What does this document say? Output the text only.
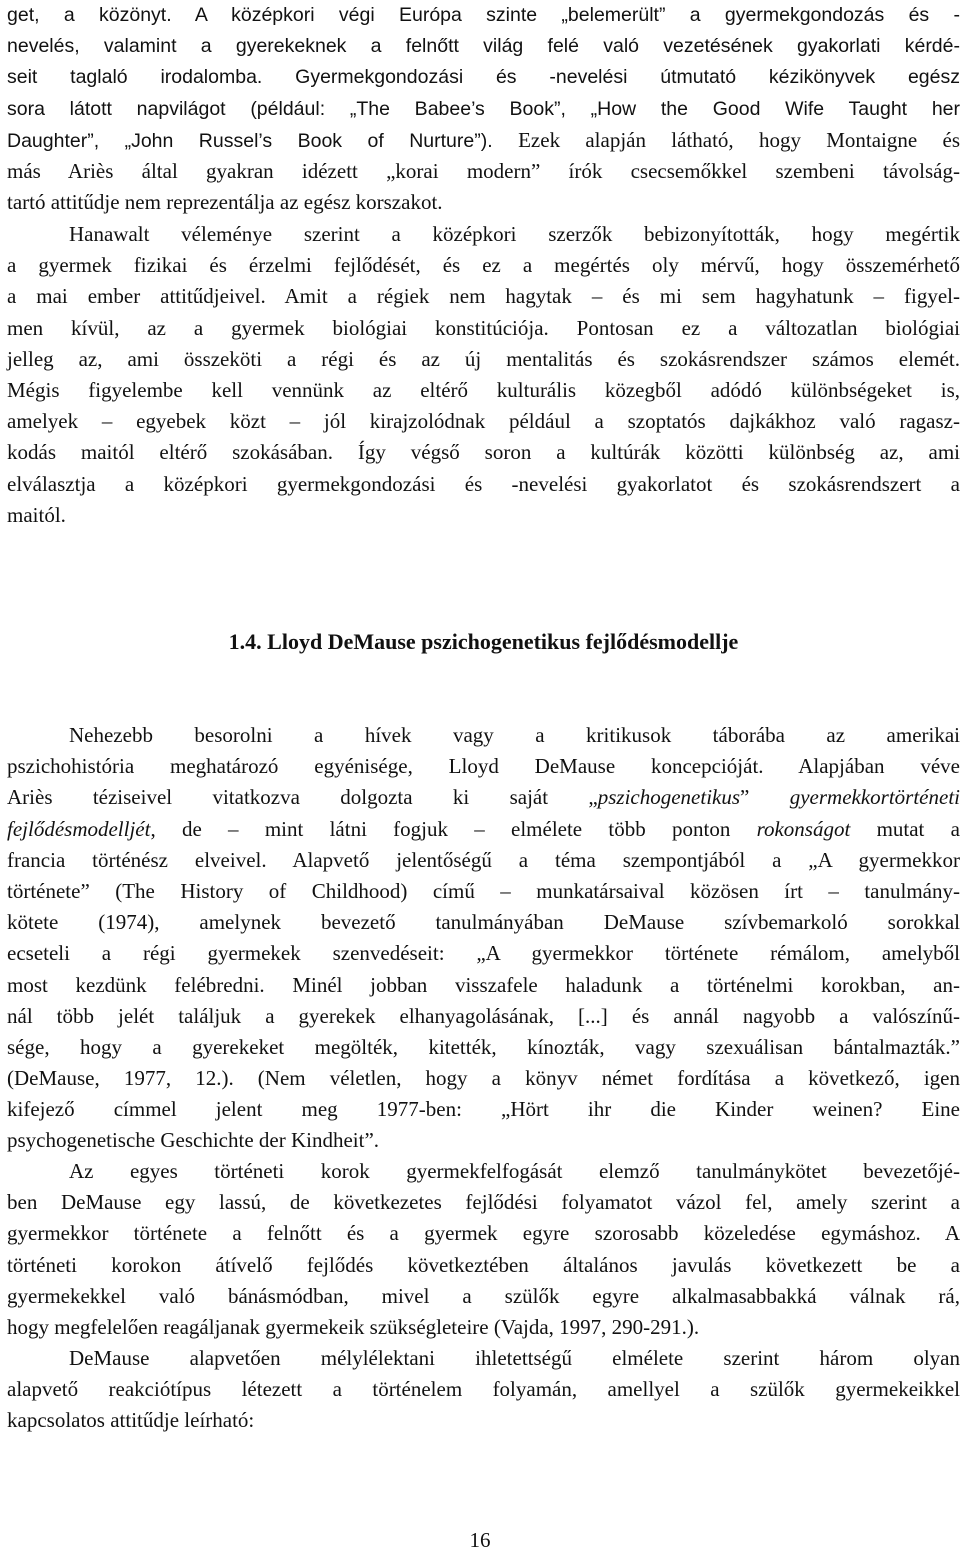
get, a közönyt. A középkori végi Európa szinte „belemerült” a gyermekgondozás és -
nevelés, valamint a gyerekeknek a felnőtt világ felé való vezetésének gyakorlati kérdé-
seit taglaló irodalomba. Gyermekgondozási és -nevelési útmutató kézikönyvek egész
sora látott napvilágot (például: „The Babee’s Book”, „How the Good Wife Taught her
Daughter”, „John Russel’s Book of Nurture”). Ezek alapján látható, hogy Montaigne és
más Ariès által gyakran idézett „korai modern” írók csecsemőkkel szembeni távolság-
tartó attitűdje nem reprezentálja az egész korszakot.
Hanawalt véleménye szerint a középkori szerzők bebizonyították, hogy megértik
a gyermek fizikai és érzelmi fejlődését, és ez a megértés oly mérvű, hogy összemérhető
a mai ember attitűdjeivel. Amit a régiek nem hagytak – és mi sem hagyhatunk – figyel-
men kívül, az a gyermek biológiai konstitúciója. Pontosan ez a változatlan biológiai
jelleg az, ami összeköti a régi és az új mentalitás és szokásrendszer számos elemét.
Mégis figyelembe kell vennünk az eltérő kulturális közegből adódó különbségeket is,
amelyek – egyebek közt – jól kirajzolódnak például a szoptatós dajkákhoz való ragasz-
kodás maitól eltérő szokásában. Így végső soron a kultúrák közötti különbség az, ami
elválasztja a középkori gyermekgondozási és -nevelési gyakorlatot és szokásrendszert a
maitól.
1.4. Lloyd DeMause pszichogenetikus fejlődésmodellje
Nehezebb besorolni a hívek vagy a kritikusok táborába az amerikai
pszichohistória meghatározó egyénisége, Lloyd DeMause koncepcióját. Alapjában véve
Ariès téziseivel vitatkozva dolgozta ki saját „pszichogenetikus” gyermekkortörténeti
fejlődésmodelljét, de – mint látni fogjuk – elmélete több ponton rokonságot mutat a
francia történész elveivel. Alapvető jelentőségű a téma szempontjából a „A gyermekkor
története” (The History of Childhood) című – munkatársaival közösen írt – tanulmány-
kötete (1974), amelynek bevezető tanulmányában DeMause szívbemarkoló sorokkal
ecseteli a régi gyermekek szenvedéseit: „A gyermekkor története rémálom, amelyből
most kezdünk felébredni. Minél jobban visszafele haladunk a történelmi korokban, an-
nál több jelét találjuk a gyerekek elhanyagolásának, [...] és annál nagyobb a valószínű-
sége, hogy a gyerekeket megölték, kitették, kínozták, vagy szexuálisan bántalmazták.”
(DeMause, 1977, 12.). (Nem véletlen, hogy a könyv német fordítása a következő, igen
kifejező címmel jelent meg 1977-ben: „Hört ihr die Kinder weinen? Eine
psychogenetische Geschichte der Kindheit”.
Az egyes történeti korok gyermekfelfogását elemző tanulmánykötet bevezetőjé-
ben DeMause egy lassú, de következetes fejlődési folyamatot vázol fel, amely szerint a
gyermekkor története a felnőtt és a gyermek egyre szorosabb közeledése egymáshoz. A
történeti korokon átívelő fejlődés következtében általános javulás következett be a
gyermekekkel való bánásmódban, mivel a szülők egyre alkalmasabbakká válnak rá,
hogy megfelelően reagáljanak gyermekeik szükségleteire (Vajda, 1997, 290-291.).
DeMause alapvetően mélylélektani ihletettségű elmélete szerint három olyan
alapvető reakciótípus létezett a történelem folyamán, amellyel a szülők gyermekeikkel
kapcsolatos attitűdje leírható:
16
